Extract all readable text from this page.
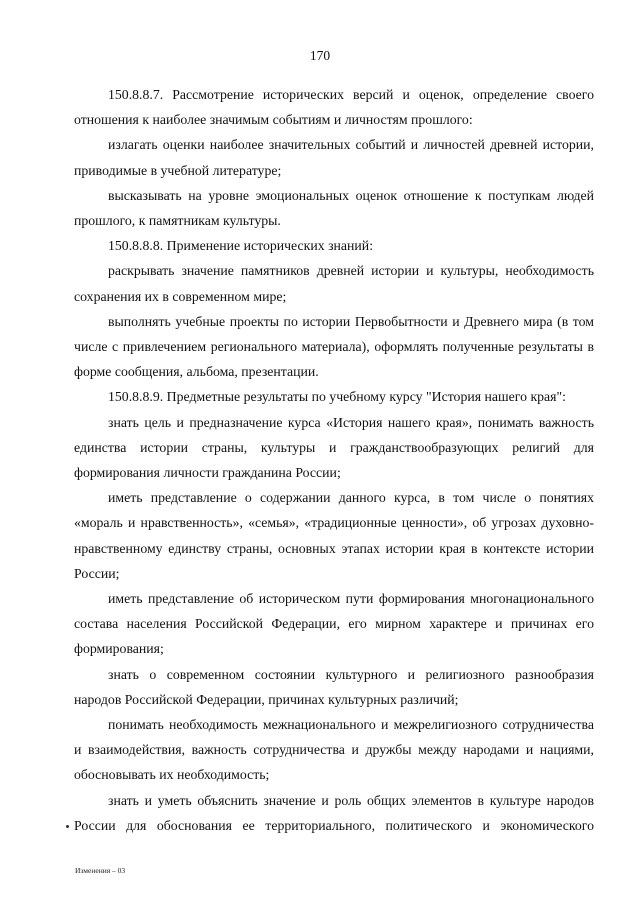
170

150.8.8.7. Рассмотрение исторических версий и оценок, определение своего отношения к наиболее значимым событиям и личностям прошлого:

излагать оценки наиболее значительных событий и личностей древней истории, приводимые в учебной литературе;

высказывать на уровне эмоциональных оценок отношение к поступкам людей прошлого, к памятникам культуры.

150.8.8.8. Применение исторических знаний:

раскрывать значение памятников древней истории и культуры, необходимость сохранения их в современном мире;

выполнять учебные проекты по истории Первобытности и Древнего мира (в том числе с привлечением регионального материала), оформлять полученные результаты в форме сообщения, альбома, презентации.

150.8.8.9. Предметные результаты по учебному курсу "История нашего края":

знать цель и предназначение курса «История нашего края», понимать важность единства истории страны, культуры и гражданствообразующих религий для формирования личности гражданина России;

иметь представление о содержании данного курса, в том числе о понятиях «мораль и нравственность», «семья», «традиционные ценности», об угрозах духовно-нравственному единству страны, основных этапах истории края в контексте истории России;

иметь представление об историческом пути формирования многонационального состава населения Российской Федерации, его мирном характере и причинах его формирования;

знать о современном состоянии культурного и религиозного разнообразия народов Российской Федерации, причинах культурных различий;

понимать необходимость межнационального и межрелигиозного сотрудничества и взаимодействия, важность сотрудничества и дружбы между народами и нациями, обосновывать их необходимость;

знать и уметь объяснить значение и роль общих элементов в культуре народов России для обоснования ее территориального, политического и экономического

Изменения – 03
